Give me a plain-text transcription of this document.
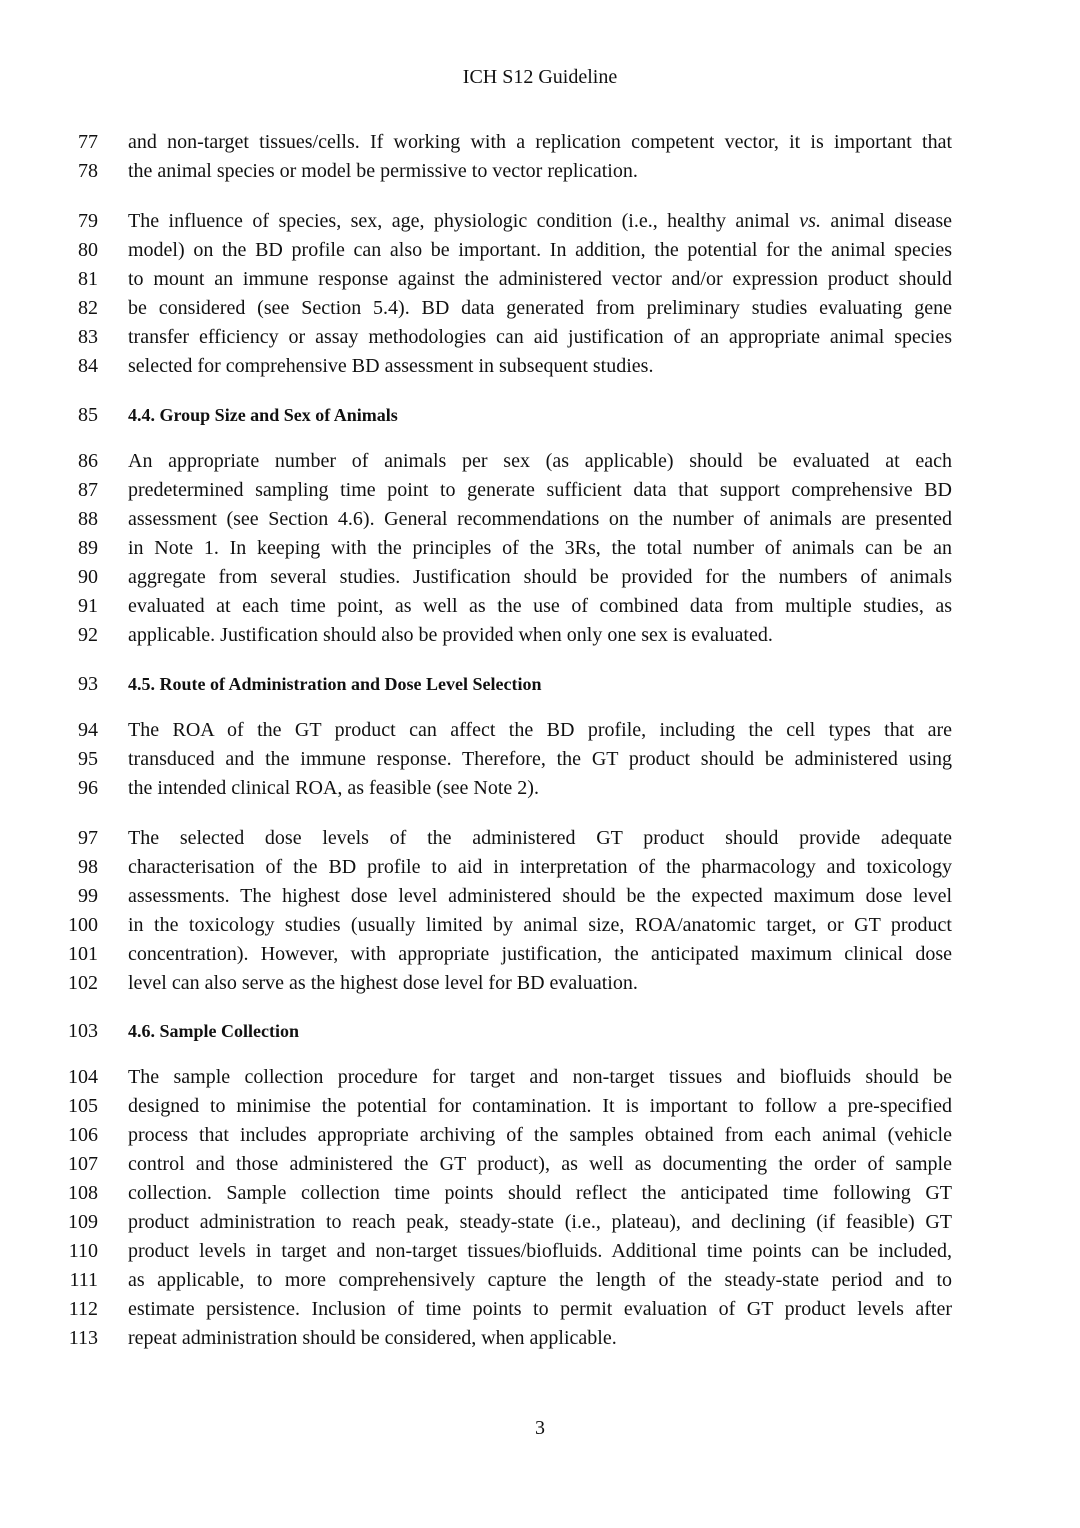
ICH S12 Guideline
77 and non-target tissues/cells. If working with a replication competent vector, it is important that
78 the animal species or model be permissive to vector replication.
79 The influence of species, sex, age, physiologic condition (i.e., healthy animal vs. animal disease
80 model) on the BD profile can also be important. In addition, the potential for the animal species
81 to mount an immune response against the administered vector and/or expression product should
82 be considered (see Section 5.4). BD data generated from preliminary studies evaluating gene
83 transfer efficiency or assay methodologies can aid justification of an appropriate animal species
84 selected for comprehensive BD assessment in subsequent studies.
85 4.4. Group Size and Sex of Animals
86 An appropriate number of animals per sex (as applicable) should be evaluated at each
87 predetermined sampling time point to generate sufficient data that support comprehensive BD
88 assessment (see Section 4.6). General recommendations on the number of animals are presented
89 in Note 1. In keeping with the principles of the 3Rs, the total number of animals can be an
90 aggregate from several studies. Justification should be provided for the numbers of animals
91 evaluated at each time point, as well as the use of combined data from multiple studies, as
92 applicable. Justification should also be provided when only one sex is evaluated.
93 4.5. Route of Administration and Dose Level Selection
94 The ROA of the GT product can affect the BD profile, including the cell types that are
95 transduced and the immune response. Therefore, the GT product should be administered using
96 the intended clinical ROA, as feasible (see Note 2).
97 The selected dose levels of the administered GT product should provide adequate
98 characterisation of the BD profile to aid in interpretation of the pharmacology and toxicology
99 assessments. The highest dose level administered should be the expected maximum dose level
100 in the toxicology studies (usually limited by animal size, ROA/anatomic target, or GT product
101 concentration). However, with appropriate justification, the anticipated maximum clinical dose
102 level can also serve as the highest dose level for BD evaluation.
103 4.6. Sample Collection
104 The sample collection procedure for target and non-target tissues and biofluids should be
105 designed to minimise the potential for contamination. It is important to follow a pre-specified
106 process that includes appropriate archiving of the samples obtained from each animal (vehicle
107 control and those administered the GT product), as well as documenting the order of sample
108 collection. Sample collection time points should reflect the anticipated time following GT
109 product administration to reach peak, steady-state (i.e., plateau), and declining (if feasible) GT
110 product levels in target and non-target tissues/biofluids. Additional time points can be included,
111 as applicable, to more comprehensively capture the length of the steady-state period and to
112 estimate persistence. Inclusion of time points to permit evaluation of GT product levels after
113 repeat administration should be considered, when applicable.
3
